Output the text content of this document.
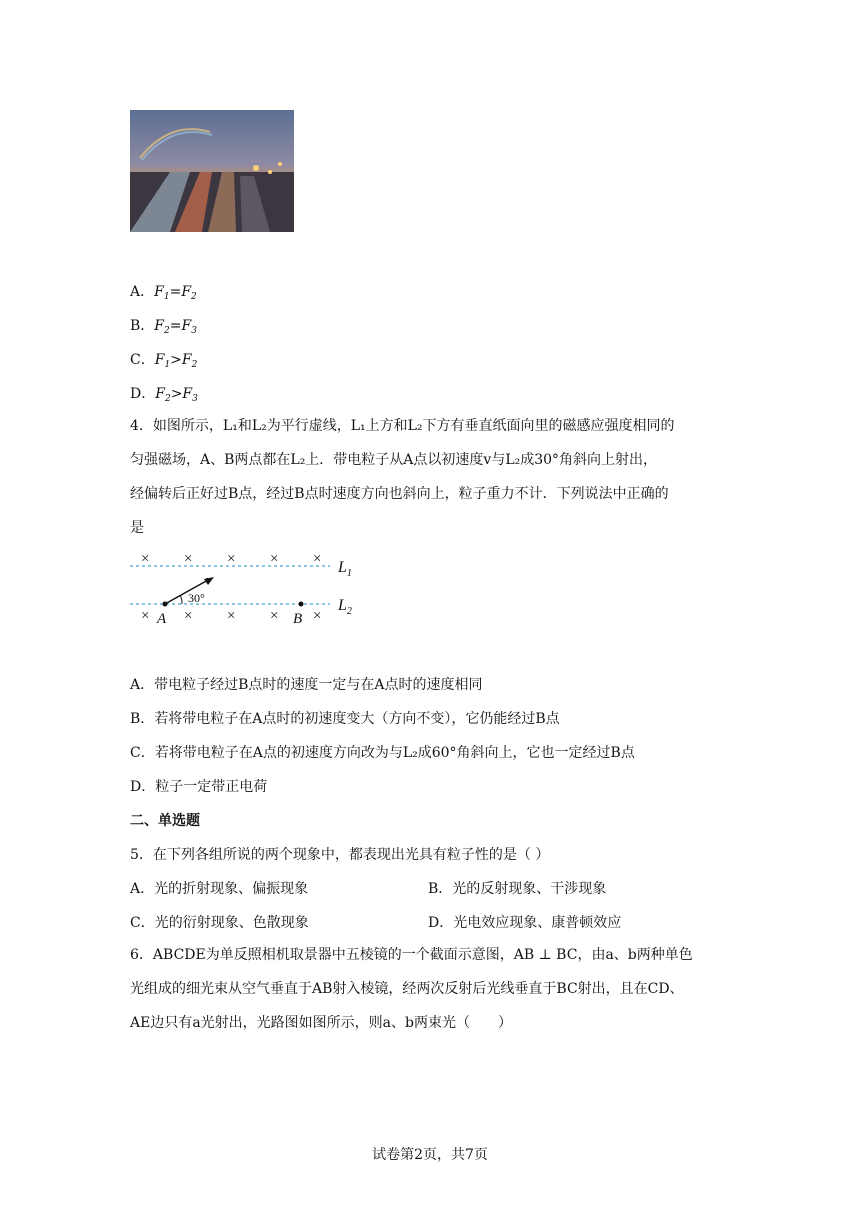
A．$F_1=F_2$
B．$F_2=F_3$
C．$F_1>F_2$
D．$F_2>F_3$
4．如图所示，L₁和L₂为平行虚线，L₁上方和L₂下方有垂直纸面向里的磁感应强度相同的
匀强磁场，A、B两点都在L₂上．带电粒子从A点以初速度v与L₂成30°角斜向上射出，
经偏转后正好过B点，经过B点时速度方向也斜向上，粒子重力不计．下列说法中正确的
是
× × × × ×
× × × × ×
v
30°
A	B
$L_1$
$L_2$
A．带电粒子经过B点时的速度一定与在A点时的速度相同
B．若将带电粒子在A点时的初速度变大（方向不变），它仍能经过B点
C．若将带电粒子在A点的初速度方向改为与L₂成60°角斜向上，它也一定经过B点
D．粒子一定带正电荷
二、单选题
5．在下列各组所说的两个现象中，都表现出光具有粒子性的是（ ）
A．光的折射现象、偏振现象	B．光的反射现象、干涉现象
C．光的衍射现象、色散现象	D．光电效应现象、康普顿效应
6．ABCDE为单反照相机取景器中五棱镜的一个截面示意图，AB ⊥ BC，由a、b两种单色
光组成的细光束从空气垂直于AB射入棱镜，经两次反射后光线垂直于BC射出，且在CD、
AE边只有a光射出，光路图如图所示，则a、b两束光（　　）
试卷第2页，共7页
